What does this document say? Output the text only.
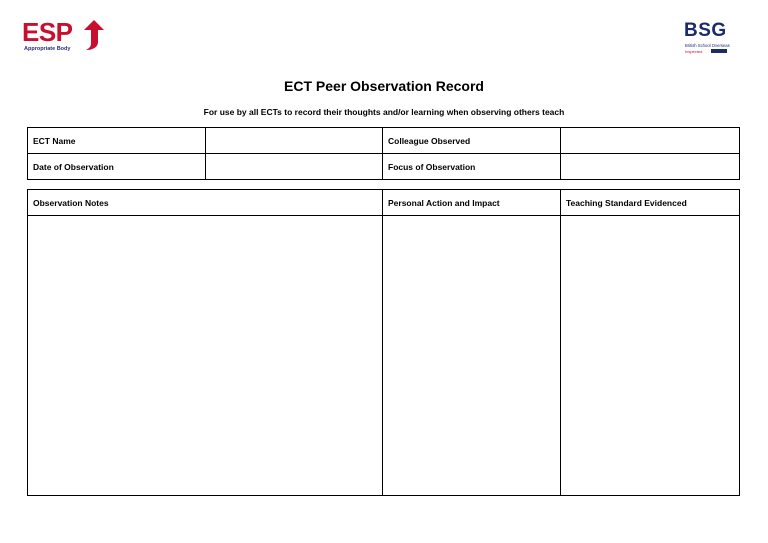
ESP
Appropriate Body
BSG
British School Overseas
Inspected
ECT Peer Observation Record
For use by all ECTs to record their thoughts and/or learning when observing others teach
ECT Name		Colleague Observed	
Date of Observation		Focus of Observation	
Observation Notes	Personal Action and Impact	Teaching Standard Evidenced
